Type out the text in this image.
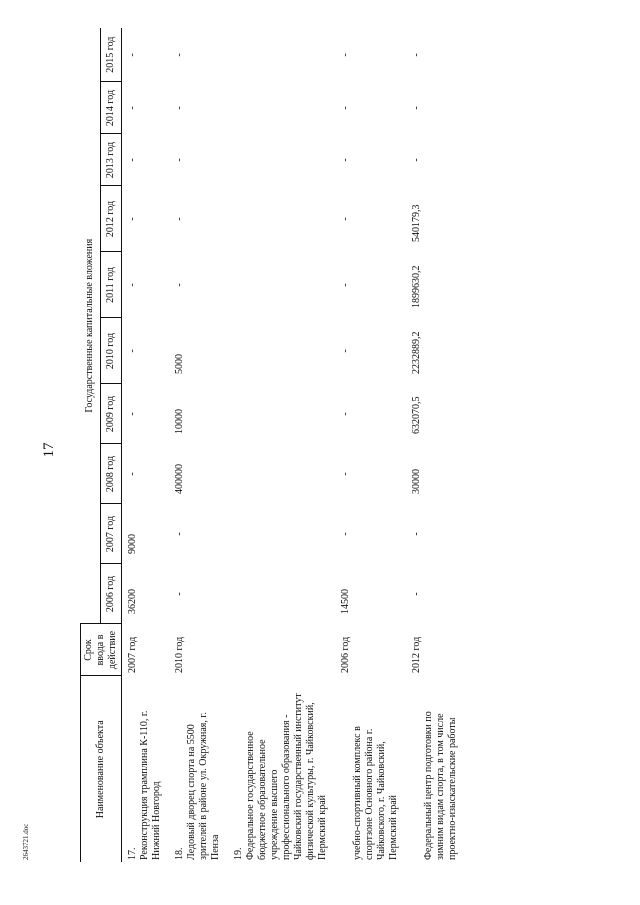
17
Наименование объекта	Срок ввода в действие	Государственные капитальные вложения									
		2006 год	2007 год	2008 год	2009 год	2010 год	2011 год	2012 год	2013 год	2014 год	2015 год
17.Реконструкция трамплина К-110, г. Нижний Новгород	2007 год	36200	9000	-	-	-	-	-	-	-	-
18.Ледовый дворец спорта на 5500 зрителей в районе ул. Окружная, г. Пенза	2010 год	-	-	400000	10000	5000	-	-	-	-	-
19.Федеральное государственное бюджетное образовательное учреждение высшего профессионального образования - Чайковский государственный институт физической культуры, г. Чайковский, Пермский край											
учебно-спортивный комплекс в спортзоне Основного района г. Чайковского, г. Чайковский, Пермский край	2006 год	14500	-	-	-	-	-	-	-	-	-
Федеральный центр подготовки по зимним видам спорта, в том числе проектно-изыскательские работы	2012 год	-	-	30000	632070,5	2232889,2	1899630,2	540179,3	-	-	-
2643721.doc
